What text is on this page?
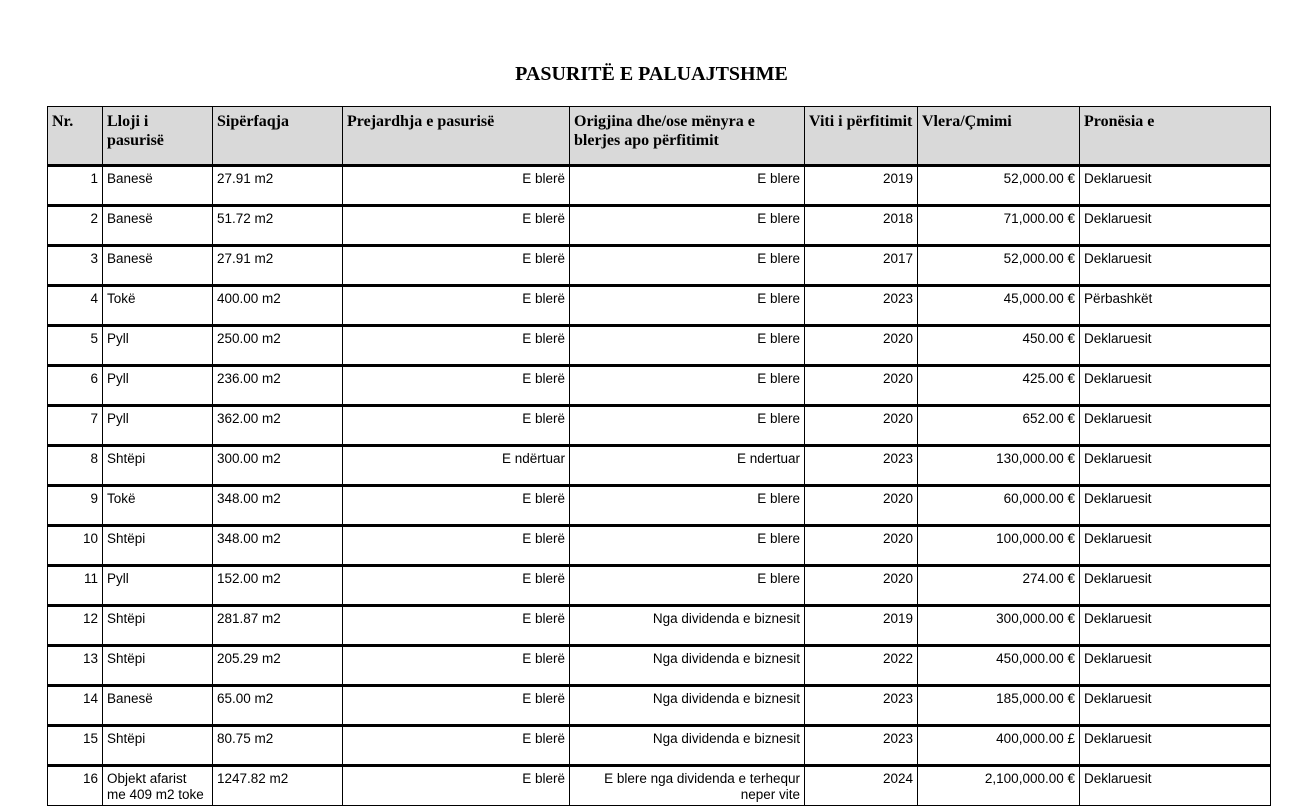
PASURITË E PALUAJTSHME
Nr.	Lloji i pasurisë	Sipërfaqja	Prejardhja e pasurisë	Origjina dhe/ose mënyra e blerjes apo përfitimit	Viti i përfitimit	Vlera/Çmimi	Pronësia e
1	Banesë	27.91 m2	E blerë	E blere	2019	52,000.00 €	Deklaruesit
2	Banesë	51.72 m2	E blerë	E blere	2018	71,000.00 €	Deklaruesit
3	Banesë	27.91 m2	E blerë	E blere	2017	52,000.00 €	Deklaruesit
4	Tokë	400.00 m2	E blerë	E blere	2023	45,000.00 €	Përbashkët
5	Pyll	250.00 m2	E blerë	E blere	2020	450.00 €	Deklaruesit
6	Pyll	236.00 m2	E blerë	E blere	2020	425.00 €	Deklaruesit
7	Pyll	362.00 m2	E blerë	E blere	2020	652.00 €	Deklaruesit
8	Shtëpi	300.00 m2	E ndërtuar	E ndertuar	2023	130,000.00 €	Deklaruesit
9	Tokë	348.00 m2	E blerë	E blere	2020	60,000.00 €	Deklaruesit
10	Shtëpi	348.00 m2	E blerë	E blere	2020	100,000.00 €	Deklaruesit
11	Pyll	152.00 m2	E blerë	E blere	2020	274.00 €	Deklaruesit
12	Shtëpi	281.87 m2	E blerë	Nga dividenda e biznesit	2019	300,000.00 €	Deklaruesit
13	Shtëpi	205.29 m2	E blerë	Nga dividenda e biznesit	2022	450,000.00 €	Deklaruesit
14	Banesë	65.00 m2	E blerë	Nga dividenda e biznesit	2023	185,000.00 €	Deklaruesit
15	Shtëpi	80.75 m2	E blerë	Nga dividenda e biznesit	2023	400,000.00 £	Deklaruesit
16	Objekt afarist me 409 m2 toke	1247.82 m2	E blerë	E blere nga dividenda e terhequr neper vite	2024	2,100,000.00 €	Deklaruesit
